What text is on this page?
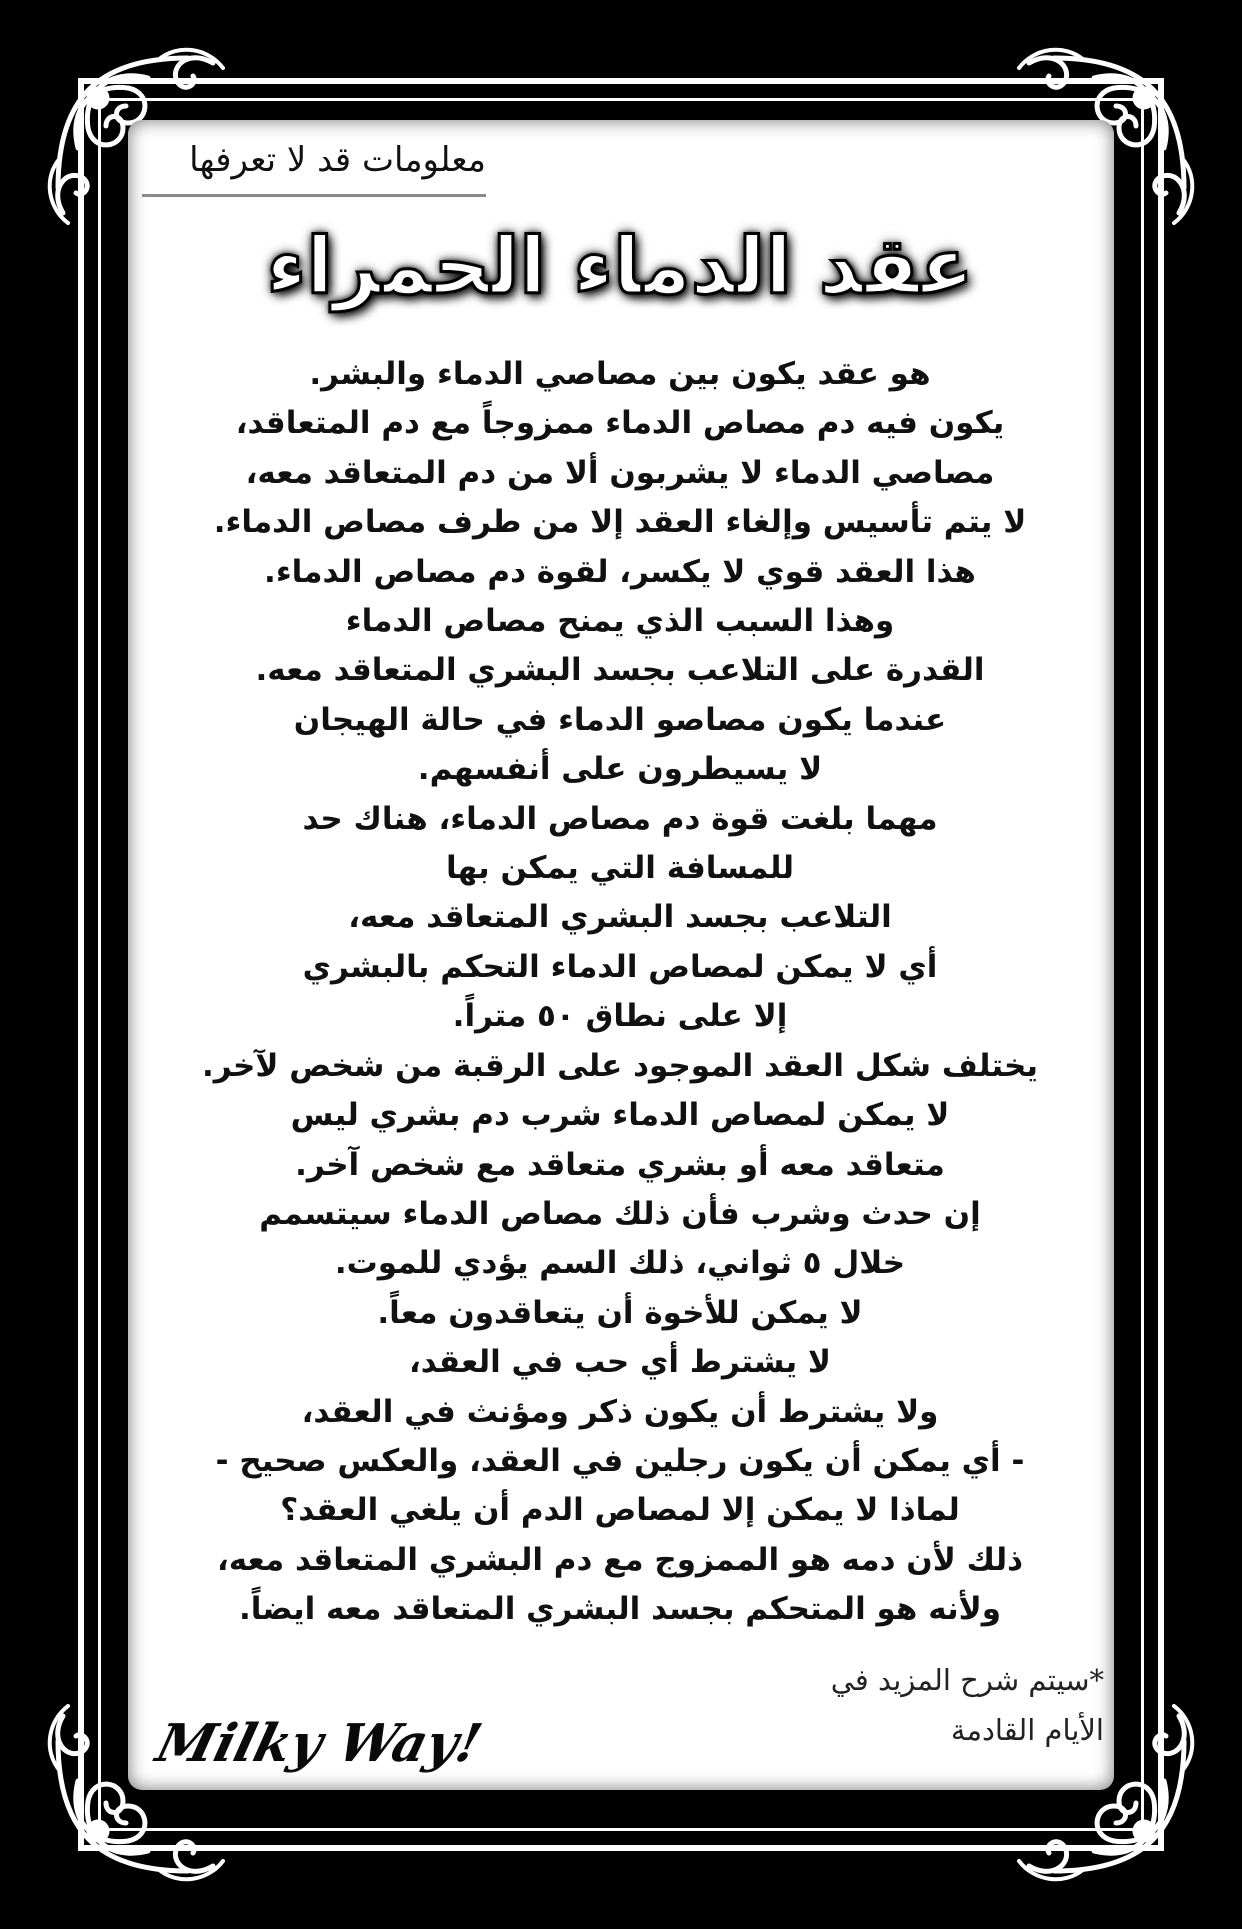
معلومات قد لا تعرفها
عقد الدماء الحمراء
هو عقد يكون بين مصاصي الدماء والبشر.
يكون فيه دم مصاص الدماء ممزوجاً مع دم المتعاقد،
مصاصي الدماء لا يشربون ألا من دم المتعاقد معه،
لا يتم تأسيس وإلغاء العقد إلا من طرف مصاص الدماء.
هذا العقد قوي لا يكسر، لقوة دم مصاص الدماء.
وهذا السبب الذي يمنح مصاص الدماء
القدرة على التلاعب بجسد البشري المتعاقد معه.
عندما يكون مصاصو الدماء في حالة الهيجان
لا يسيطرون على أنفسهم.
مهما بلغت قوة دم مصاص الدماء، هناك حد
للمسافة التي يمكن بها
التلاعب بجسد البشري المتعاقد معه،
أي لا يمكن لمصاص الدماء التحكم بالبشري
إلا على نطاق ٥٠ متراً.
يختلف شكل العقد الموجود على الرقبة من شخص لآخر.
لا يمكن لمصاص الدماء شرب دم بشري ليس
متعاقد معه أو بشري متعاقد مع شخص آخر.
إن حدث وشرب فأن ذلك مصاص الدماء سيتسمم
خلال ٥ ثواني، ذلك السم يؤدي للموت.
لا يمكن للأخوة أن يتعاقدون معاً.
لا يشترط أي حب في العقد،
ولا يشترط أن يكون ذكر ومؤنث في العقد،
- أي يمكن أن يكون رجلين في العقد، والعكس صحيح -
لماذا لا يمكن إلا لمصاص الدم أن يلغي العقد؟
ذلك لأن دمه هو الممزوج مع دم البشري المتعاقد معه،
ولأنه هو المتحكم بجسد البشري المتعاقد معه ايضاً.
*سيتم شرح المزيد في
الأيام القادمة
Milky Way!
